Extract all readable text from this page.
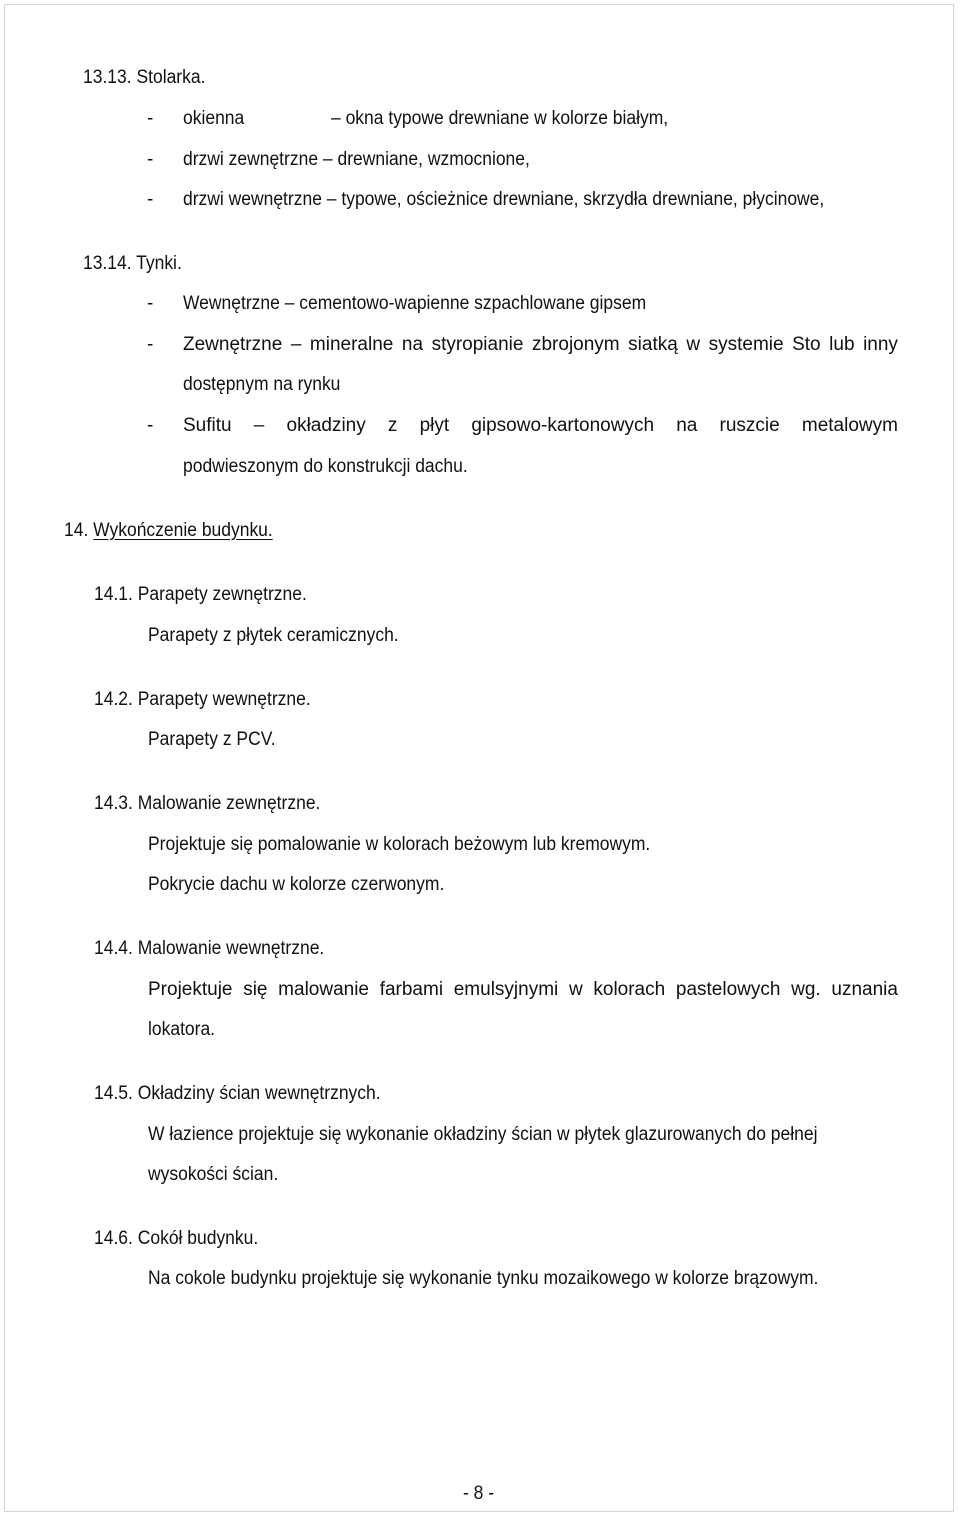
13.13. Stolarka.
- okienna	– okna typowe drewniane w kolorze białym,
- drzwi zewnętrzne – drewniane, wzmocnione,
- drzwi wewnętrzne – typowe, ościeżnice drewniane, skrzydła drewniane, płycinowe,
13.14. Tynki.
- Wewnętrzne – cementowo-wapienne szpachlowane gipsem
- Zewnętrzne – mineralne na styropianie zbrojonym siatką w systemie Sto lub inny
dostępnym na rynku
- Sufitu – okładziny z płyt gipsowo-kartonowych na ruszcie metalowym
podwieszonym do konstrukcji dachu.
14. Wykończenie budynku.
14.1. Parapety zewnętrzne.
Parapety z płytek ceramicznych.
14.2. Parapety wewnętrzne.
Parapety z PCV.
14.3. Malowanie zewnętrzne.
Projektuje się pomalowanie w kolorach beżowym lub kremowym.
Pokrycie dachu w kolorze czerwonym.
14.4. Malowanie wewnętrzne.
Projektuje się malowanie farbami emulsyjnymi w kolorach pastelowych wg. uznania
lokatora.
14.5. Okładziny ścian wewnętrznych.
W łazience projektuje się wykonanie okładziny ścian w płytek glazurowanych do pełnej
wysokości ścian.
14.6. Cokół budynku.
Na cokole budynku projektuje się wykonanie tynku mozaikowego w kolorze brązowym.
- 8 -
